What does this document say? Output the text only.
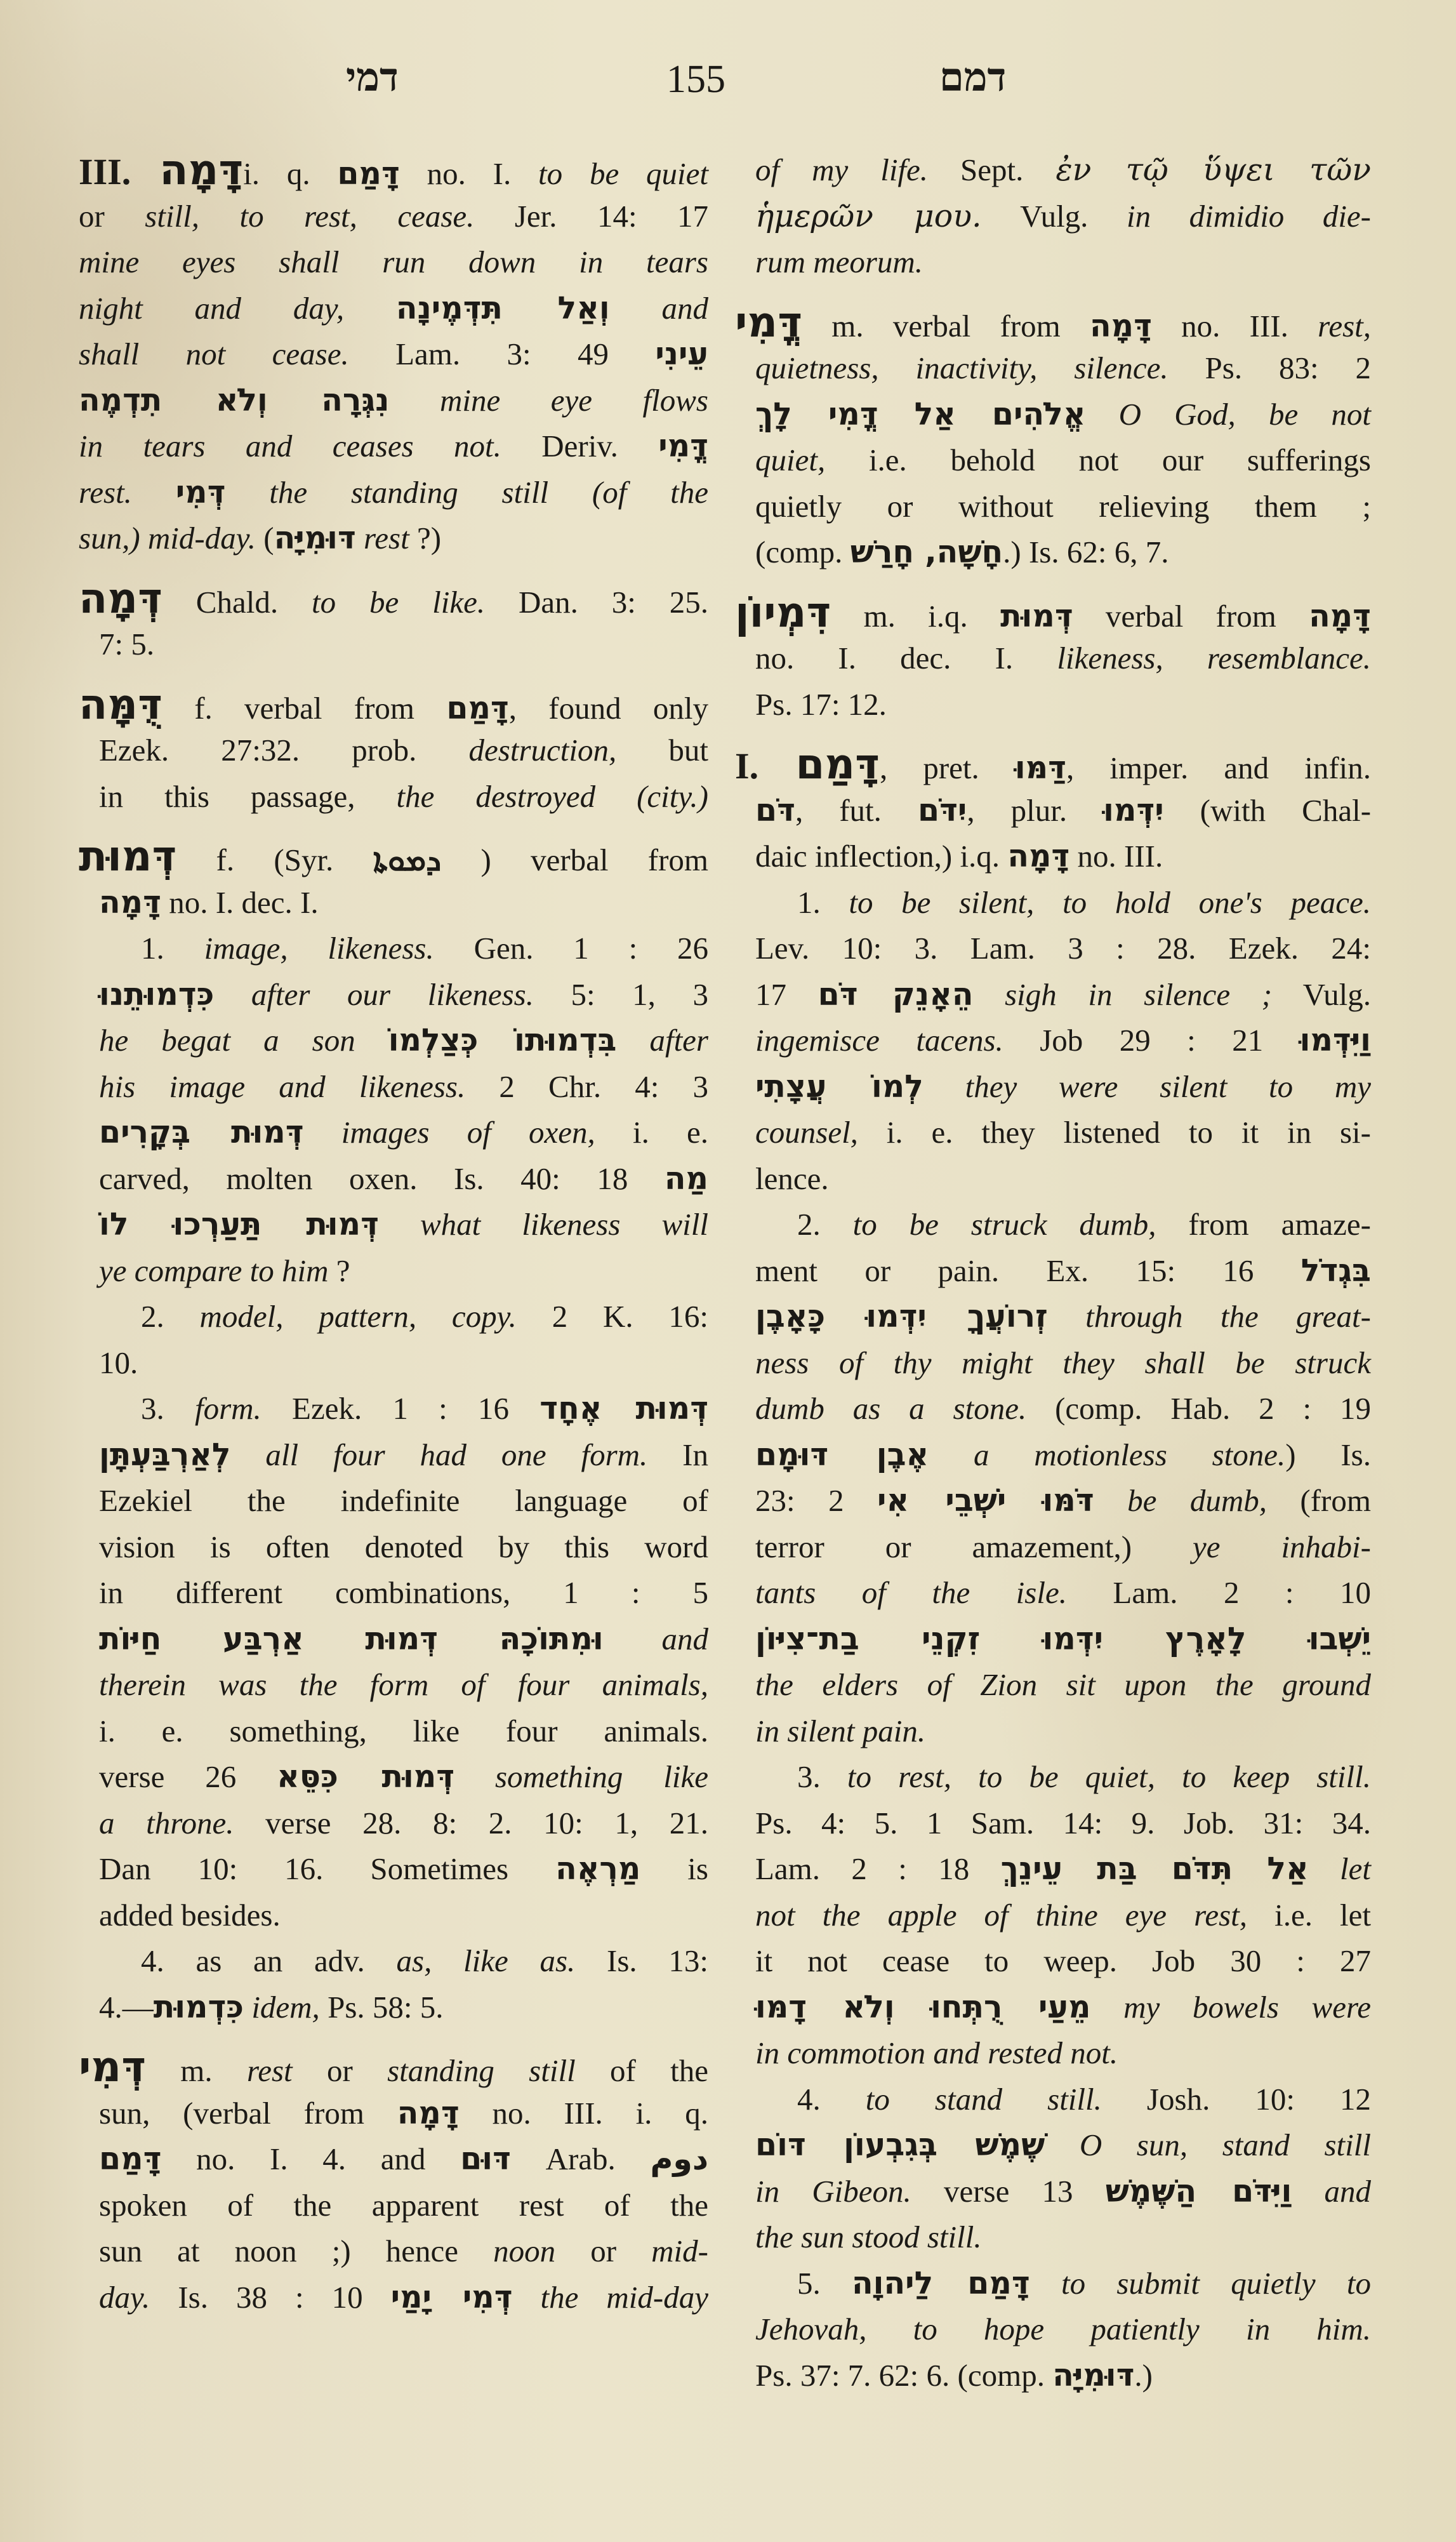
דמי	155	דמם
III. דָּמָהi. q. דָּמַם no. I. to be quiet
or still, to rest, cease. Jer. 14: 17
mine eyes shall run down in tears
night and day, וְאַל תִּדְּמֶינָה and
shall not cease. Lam. 3: 49 עֵינִי
נִגְּרָה וְלֹא תִדְמֶה mine eye flows
in tears and ceases not. Deriv. דֳּמִי
rest. דְּמִי the standing still (of the
sun,) mid-day. (דּוּמִיָּה rest ?)
דְּמָה Chald. to be like. Dan. 3: 25.
7: 5.
דֻּמָּה f. verbal from דָּמַם, found only
Ezek. 27:32. prob. destruction, but
in this passage, the destroyed (city.)
דְּמוּת f. (Syr. ܕܡܘܬܐ ) verbal from
דָּמָה no. I. dec. I.
1. image, likeness. Gen. 1 : 26
כִּדְמוּתֵנוּ after our likeness. 5: 1, 3
he begat a son בִּדְמוּתוֹ כְּצַלְמוֹ after
his image and likeness. 2 Chr. 4: 3
דְּמוּת בְּקָרִים images of oxen, i. e.
carved, molten oxen. Is. 40: 18 מַה
דְּמוּת תַּעַרְכוּ לוֹ what likeness will
ye compare to him ?
2. model, pattern, copy. 2 K. 16:
10.
3. form. Ezek. 1 : 16 דְּמוּת אֶחָד
לְאַרְבַּעְתָּן all four had one form. In
Ezekiel the indefinite language of
vision is often denoted by this word
in different combinations, 1 : 5
וּמִתּוֹכָהּ דְּמוּת אַרְבַּע חַיּוֹת and
therein was the form of four animals,
i. e. something, like four animals.
verse 26 דְּמוּת כִּסֵּא something like
a throne. verse 28. 8: 2. 10: 1, 21.
Dan 10: 16. Sometimes מַרְאֶה is
added besides.
4. as an adv. as, like as. Is. 13:
4.—כִּדְמוּת idem, Ps. 58: 5.
דְּמִי m. rest or standing still of the
sun, (verbal from דָּמָה no. III. i. q.
דָּמַם no. I. 4. and דּוּם Arab. دوم
spoken of the apparent rest of the
sun at noon ;) hence noon or mid-
day. Is. 38 : 10 דְּמִי יָמַי the mid-day
of my life. Sept. ἐν τῷ ὕψει τῶν
ἡμερῶν μου. Vulg. in dimidio die-
rum meorum.
דֳּמִי m. verbal from דָּמָה no. III. rest,
quietness, inactivity, silence. Ps. 83: 2
אֱלֹהִים אַל דֳּמִי לָךְ O God, be not
quiet, i.e. behold not our sufferings
quietly or without relieving them ;
(comp. חָשָׁה, חָרַשׁ.) Is. 62: 6, 7.
דִּמְיוֹן m. i.q. דְּמוּת verbal from דָּמָה
no. I. dec. I. likeness, resemblance.
Ps. 17: 12.
I. דָּמַם, pret. דַּמּוּ, imper. and infin.
דֹּם, fut. יִדֹּם, plur. יִדְּמוּ (with Chal-
daic inflection,) i.q. דָּמָה no. III.
1. to be silent, to hold one's peace.
Lev. 10: 3. Lam. 3 : 28. Ezek. 24:
17 הֵאָנֵק דֹּם sigh in silence ; Vulg.
ingemisce tacens. Job 29 : 21 וַיִּדְּמוּ
לְמוֹ עֲצָתִי they were silent to my
counsel, i. e. they listened to it in si-
lence.
2. to be struck dumb, from amaze-
ment or pain. Ex. 15: 16 בִּגְדֹל
זְרוֹעֲךָ יִדְּמוּ כָּאָבֶן through the great-
ness of thy might they shall be struck
dumb as a stone. (comp. Hab. 2 : 19
אֶבֶן דּוּמָם a motionless stone.) Is.
23: 2 דֹּמּוּ יֹשְׁבֵי אִי be dumb, (from
terror or amazement,) ye inhabi-
tants of the isle. Lam. 2 : 10
יֵשְׁבוּ לָאָרֶץ יִדְּמוּ זִקְנֵי בַת־צִיּוֹן
the elders of Zion sit upon the ground
in silent pain.
3. to rest, to be quiet, to keep still.
Ps. 4: 5. 1 Sam. 14: 9. Job. 31: 34.
Lam. 2 : 18 אַל תִּדֹּם בַּת עֵינֵךְ let
not the apple of thine eye rest, i.e. let
it not cease to weep. Job 30 : 27
מֵעַי רֻתְּחוּ וְלֹא דָמּוּ my bowels were
in commotion and rested not.
4. to stand still. Josh. 10: 12
שֶׁמֶשׁ בְּגִבְעוֹן דּוֹם O sun, stand still
in Gibeon. verse 13 וַיִּדֹּם הַשֶּׁמֶשׁ and
the sun stood still.
5. דָּמַם לַיהוָה to submit quietly to
Jehovah, to hope patiently in him.
Ps. 37: 7. 62: 6. (comp. דּוּמִיָּה.)
